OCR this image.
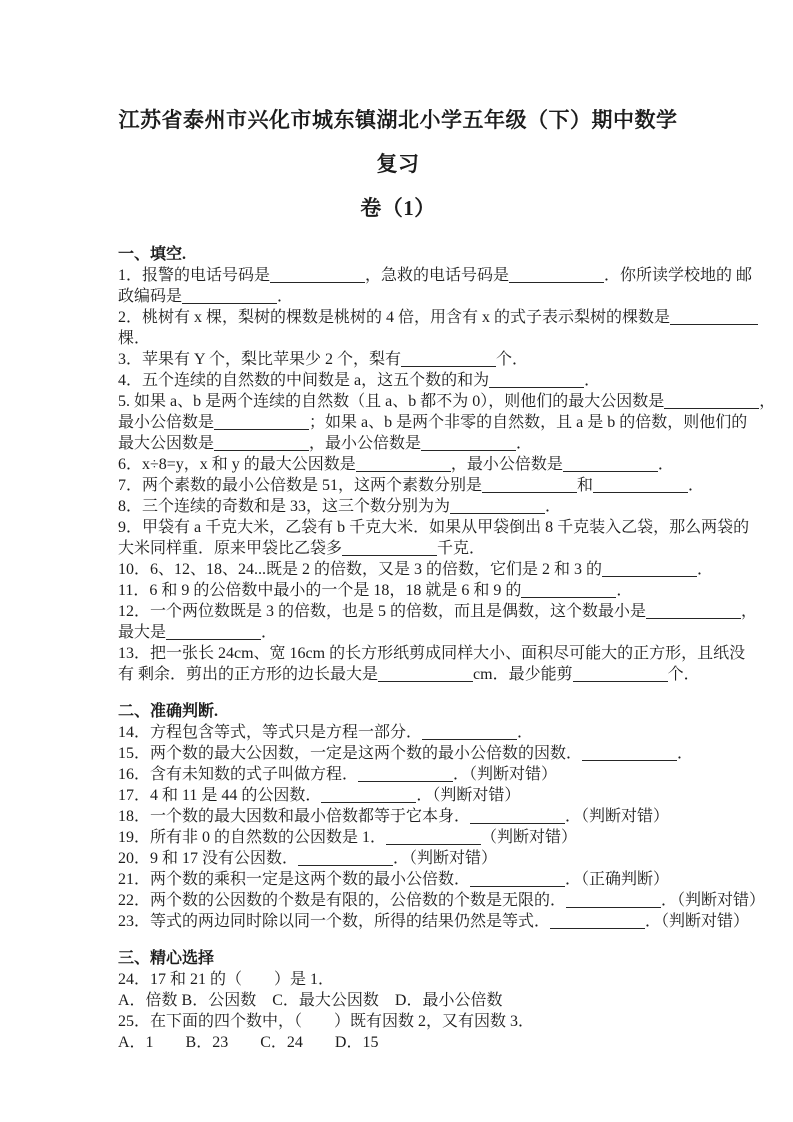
江苏省泰州市兴化市城东镇湖北小学五年级（下）期中数学复习
卷（1）
一、填空.
1．报警的电话号码是	，急救的电话号码是	．你所读学校地的 邮
政编码是	．
2．桃树有 x 棵，梨树的棵数是桃树的 4 倍，用含有 x 的式子表示梨树的棵数是
棵．
3．苹果有 Y 个，梨比苹果少 2 个，梨有	个．
4．五个连续的自然数的中间数是 a，这五个数的和为	．
5. 如果 a、b 是两个连续的自然数（且 a、b 都不为 0），则他们的最大公因数是	，
最小公倍数是	；如果 a、b 是两个非零的自然数，且 a 是 b 的倍数，则他们的
最大公因数是	，最小公倍数是	．
6．x÷8=y，x 和 y 的最大公因数是	，最小公倍数是	．
7．两个素数的最小公倍数是 51，这两个素数分别是	和	．
8．三个连续的奇数和是 33，这三个数分别为为	．
9．甲袋有 a 千克大米，乙袋有 b 千克大米．如果从甲袋倒出 8 千克装入乙袋，那么两袋的
大米同样重．原来甲袋比乙袋多	千克．
10．6、12、18、24...既是 2 的倍数，又是 3 的倍数，它们是 2 和 3 的	．
11．6 和 9 的公倍数中最小的一个是 18，18 就是 6 和 9 的	．
12．一个两位数既是 3 的倍数，也是 5 的倍数，而且是偶数，这个数最小是	，
最大是	．
13．把一张长 24cm、宽 16cm 的长方形纸剪成同样大小、面积尽可能大的正方形，且纸没
有 剩余．剪出的正方形的边长最大是	cm．最少能剪	个．
二、准确判断.
14．方程包含等式，等式只是方程一部分．	．
15．两个数的最大公因数，一定是这两个数的最小公倍数的因数．	．
16．含有未知数的式子叫做方程．	．（判断对错）
17．4 和 11 是 44 的公因数．	．（判断对错）
18．一个数的最大因数和最小倍数都等于它本身．	．（判断对错）
19．所有非 0 的自然数的公因数是 1．	（判断对错）
20．9 和 17 没有公因数．	．（判断对错）
21．两个数的乘积一定是这两个数的最小公倍数．	．（正确判断）
22．两个数的公因数的个数是有限的，公倍数的个数是无限的．	．（判断对错）
23．等式的两边同时除以同一个数，所得的结果仍然是等式．	．（判断对错）
三、精心选择
24．17 和 21 的（　　）是 1．
A．倍数 B．公因数　C．最大公因数　D．最小公倍数
25．在下面的四个数中，（　　）既有因数 2，又有因数 3．
A．1　　B．23　　C．24　　D．15
